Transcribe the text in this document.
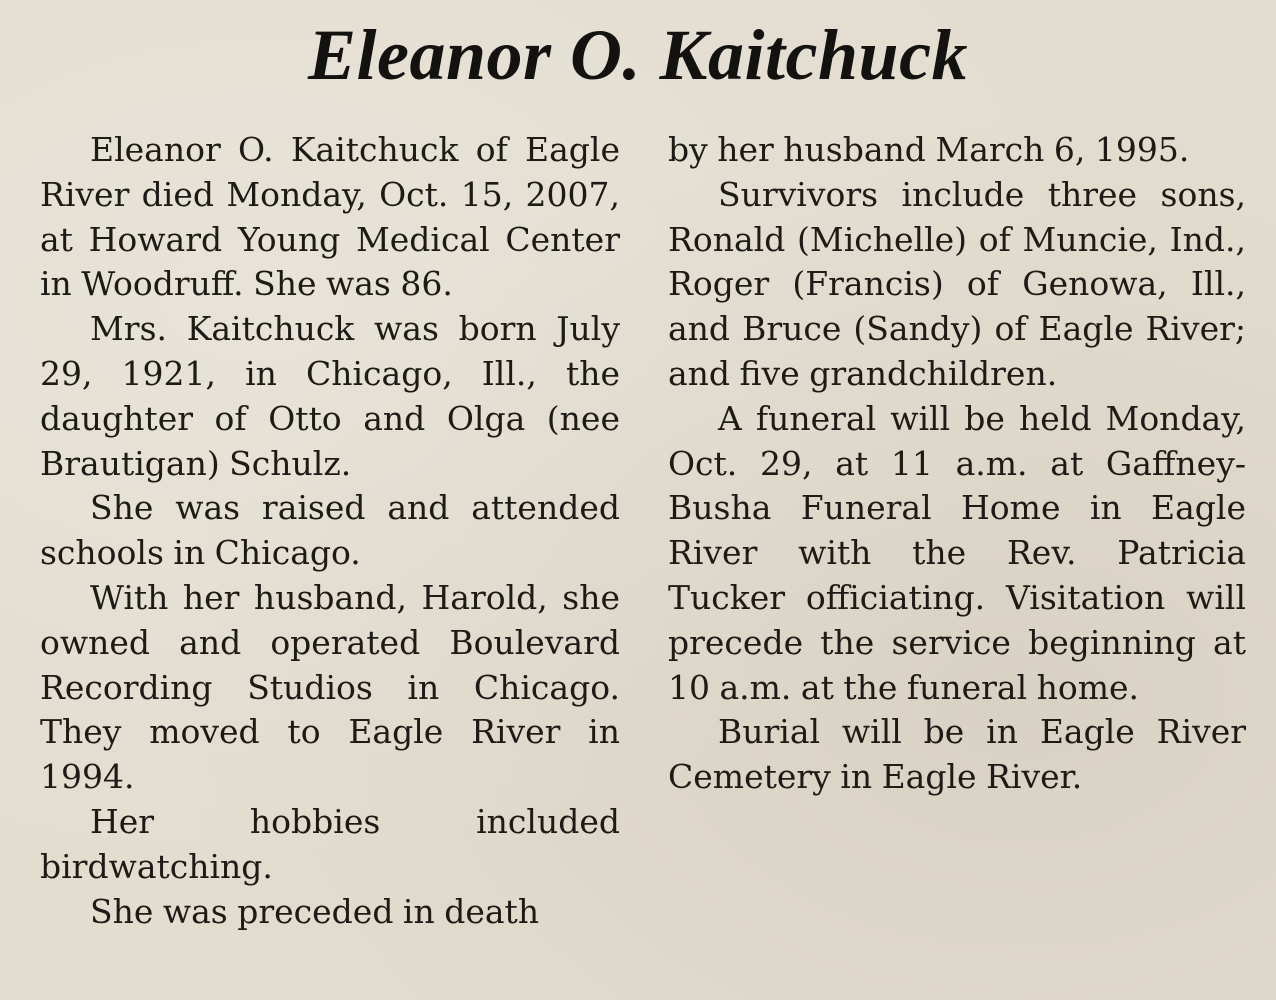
Eleanor O. Kaitchuck

Eleanor O. Kaitchuck of Eagle River died Monday, Oct. 15, 2007, at Howard Young Medical Center in Woodruff. She was 86.

Mrs. Kaitchuck was born July 29, 1921, in Chicago, Ill., the daughter of Otto and Olga (nee Brautigan) Schulz.

She was raised and attended schools in Chicago.

With her husband, Harold, she owned and operated Boulevard Recording Studios in Chicago. They moved to Eagle River in 1994.

Her hobbies included birdwatching.

She was preceded in death

by her husband March 6, 1995.

Survivors include three sons, Ronald (Michelle) of Muncie, Ind., Roger (Francis) of Genowa, Ill., and Bruce (Sandy) of Eagle River; and five grandchildren.

A funeral will be held Monday, Oct. 29, at 11 a.m. at Gaffney-Busha Funeral Home in Eagle River with the Rev. Patricia Tucker officiating. Visitation will precede the service beginning at 10 a.m. at the funeral home.

Burial will be in Eagle River Cemetery in Eagle River.
